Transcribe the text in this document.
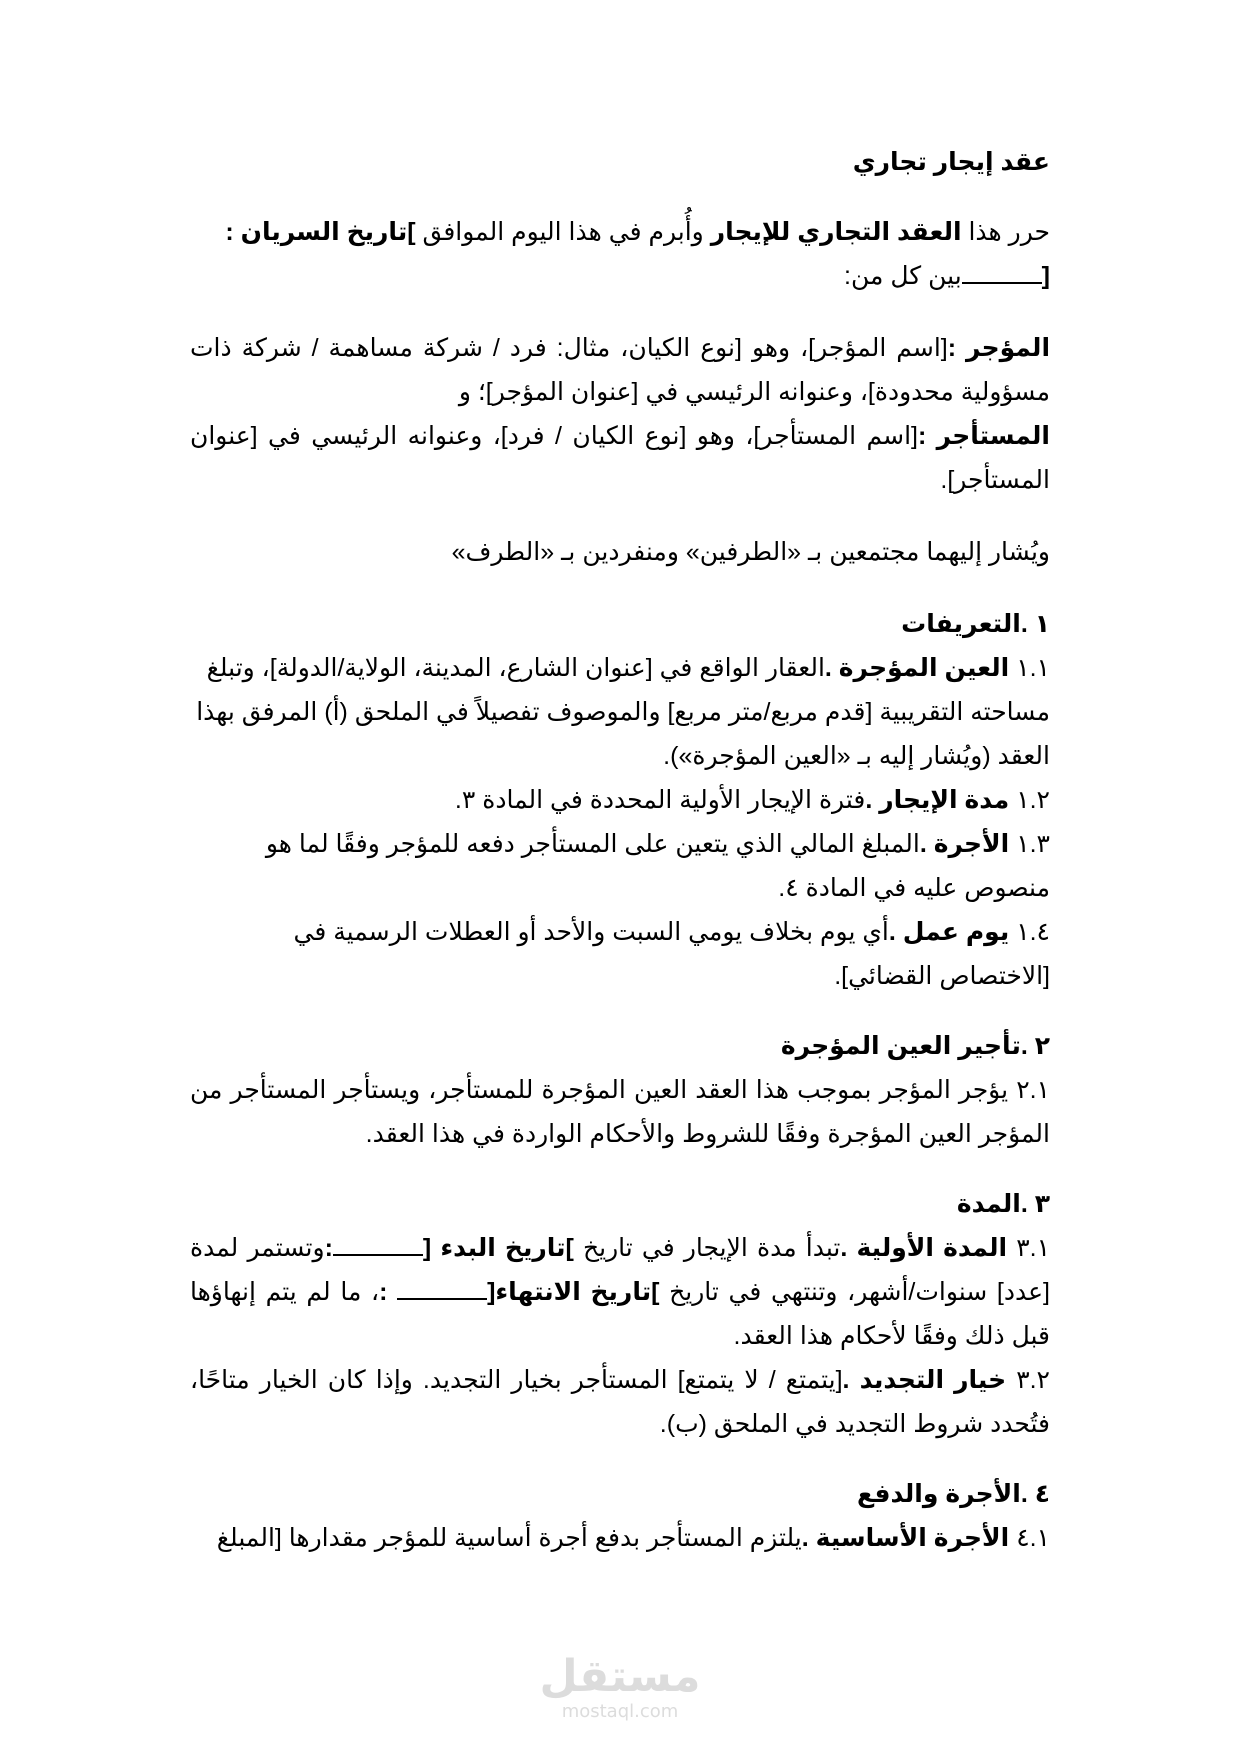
عقد إيجار تجاري

حرر هذا العقد التجاري للإيجار وأُبرم في هذا اليوم الموافق ]تاريخ السريان :
[بين كل من:

المؤجر :[اسم المؤجر]، وهو [نوع الكيان، مثال: فرد / شركة مساهمة / شركة ذات مسؤولية محدودة]، وعنوانه الرئيسي في [عنوان المؤجر]؛ و
المستأجر :[اسم المستأجر]، وهو [نوع الكيان / فرد]، وعنوانه الرئيسي في [عنوان المستأجر].

ويُشار إليهما مجتمعين بـ «الطرفين» ومنفردين بـ «الطرف»

١ .التعريفات

١.١ العين المؤجرة .العقار الواقع في [عنوان الشارع، المدينة، الولاية/الدولة]، وتبلغ مساحته التقريبية [قدم مربع/متر مربع] والموصوف تفصيلاً في الملحق (أ) المرفق بهذا العقد (ويُشار إليه بـ «العين المؤجرة»).

١.٢ مدة الإيجار .فترة الإيجار الأولية المحددة في المادة ٣.

١.٣ الأجرة .المبلغ المالي الذي يتعين على المستأجر دفعه للمؤجر وفقًا لما هو منصوص عليه في المادة ٤.

١.٤ يوم عمل .أي يوم بخلاف يومي السبت والأحد أو العطلات الرسمية في [الاختصاص القضائي].

٢ .تأجير العين المؤجرة

٢.١ يؤجر المؤجر بموجب هذا العقد العين المؤجرة للمستأجر، ويستأجر المستأجر من المؤجر العين المؤجرة وفقًا للشروط والأحكام الواردة في هذا العقد.

٣ .المدة

٣.١ المدة الأولية .تبدأ مدة الإيجار في تاريخ ]تاريخ البدء [:وتستمر لمدة [عدد] سنوات/أشهر، وتنتهي في تاريخ ]تاريخ الانتهاء[ :، ما لم يتم إنهاؤها قبل ذلك وفقًا لأحكام هذا العقد.

٣.٢ خيار التجديد .[يتمتع / لا يتمتع] المستأجر بخيار التجديد. وإذا كان الخيار متاحًا، فتُحدد شروط التجديد في الملحق (ب).

٤ .الأجرة والدفع

٤.١ الأجرة الأساسية .يلتزم المستأجر بدفع أجرة أساسية للمؤجر مقدارها [المبلغ

مستقل
mostaql.com
